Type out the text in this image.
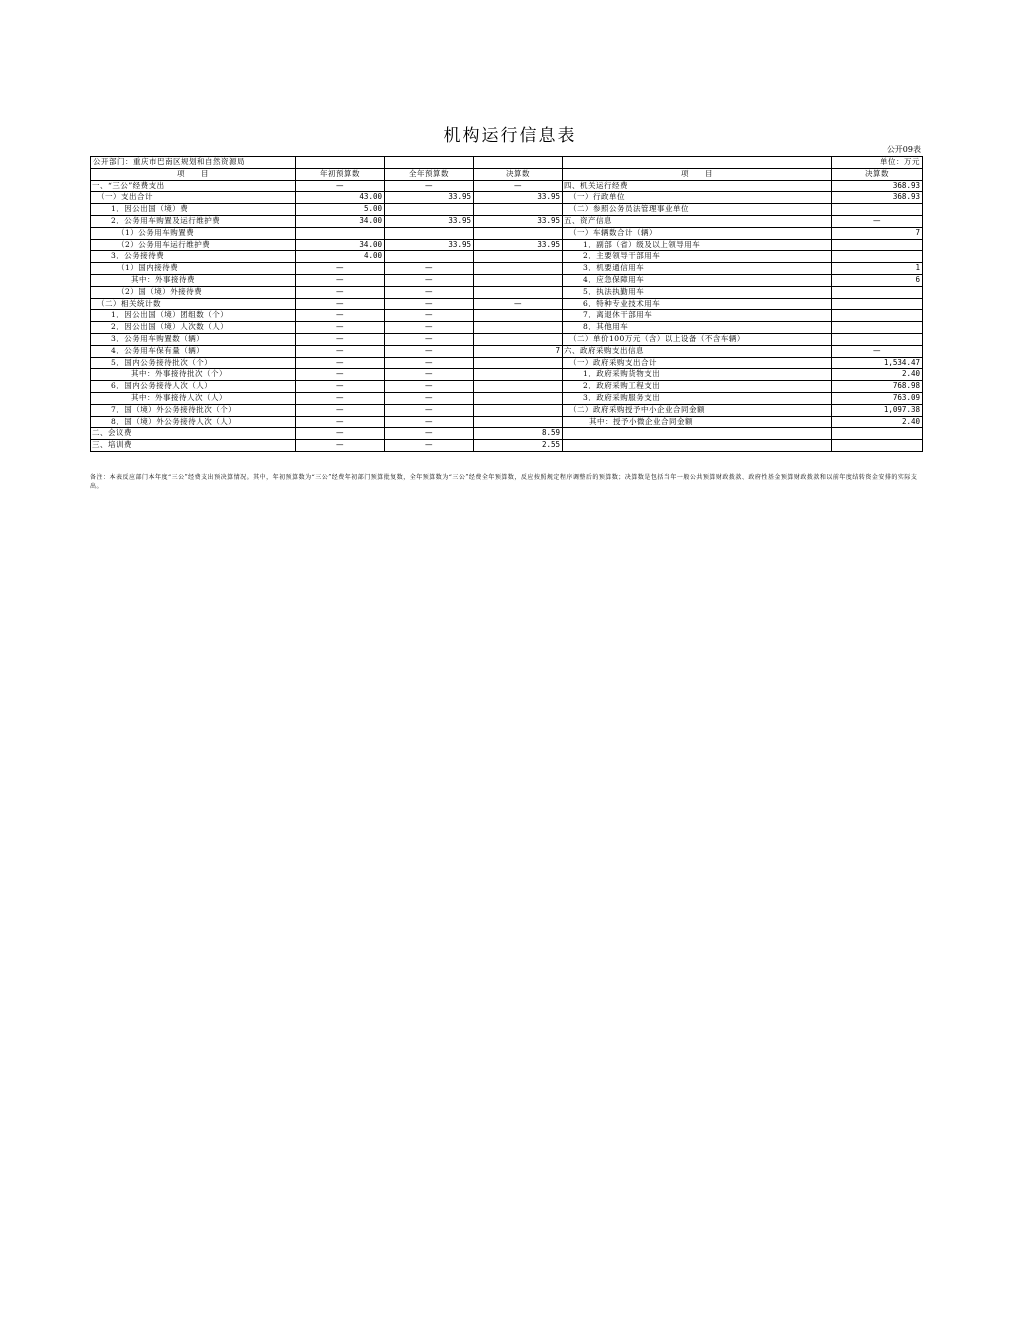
机构运行信息表
公开09表
公开部门：重庆市巴南区规划和自然资源局					单位：万元
项　　目	年初预算数	全年预算数	决算数	项　　目	决算数
一、“三公”经费支出	—	—	—	四、机关运行经费	368.93
（一）支出合计	43.00	33.95	33.95	（一）行政单位	368.93
1．因公出国（境）费	5.00			（二）参照公务员法管理事业单位	
2．公务用车购置及运行维护费	34.00	33.95	33.95	五、资产信息	—
（1）公务用车购置费				（一）车辆数合计（辆）	7
（2）公务用车运行维护费	34.00	33.95	33.95	1．副部（省）级及以上领导用车	
3．公务接待费	4.00			2．主要领导干部用车	
（1）国内接待费	—	—		3．机要通信用车	1
其中：外事接待费	—	—		4．应急保障用车	6
（2）国（境）外接待费	—	—		5．执法执勤用车	
（二）相关统计数	—	—	—	6．特种专业技术用车	
1．因公出国（境）团组数（个）	—	—		7．离退休干部用车	
2．因公出国（境）人次数（人）	—	—		8．其他用车	
3．公务用车购置数（辆）	—	—		（二）单价100万元（含）以上设备（不含车辆）	
4．公务用车保有量（辆）	—	—	7	六、政府采购支出信息	—
5．国内公务接待批次（个）	—	—		（一）政府采购支出合计	1,534.47
其中：外事接待批次（个）	—	—		1．政府采购货物支出	2.40
6．国内公务接待人次（人）	—	—		2．政府采购工程支出	768.98
其中：外事接待人次（人）	—	—		3．政府采购服务支出	763.09
7．国（境）外公务接待批次（个）	—	—		（二）政府采购授予中小企业合同金额	1,097.38
8．国（境）外公务接待人次（人）	—	—		其中：授予小微企业合同金额	2.40
二、会议费	—	—	8.59		
三、培训费	—	—	2.55		
备注：本表反应部门本年度“三公”经费支出预决算情况。其中，年初预算数为“三公”经费年初部门预算批复数，全年预算数为“三公”经费全年预算数，反应按照规定程序调整后的预算数；决算数是包括当年一般公共预算财政拨款、政府性基金预算财政拨款和以前年度结转资金安排的实际支出。
